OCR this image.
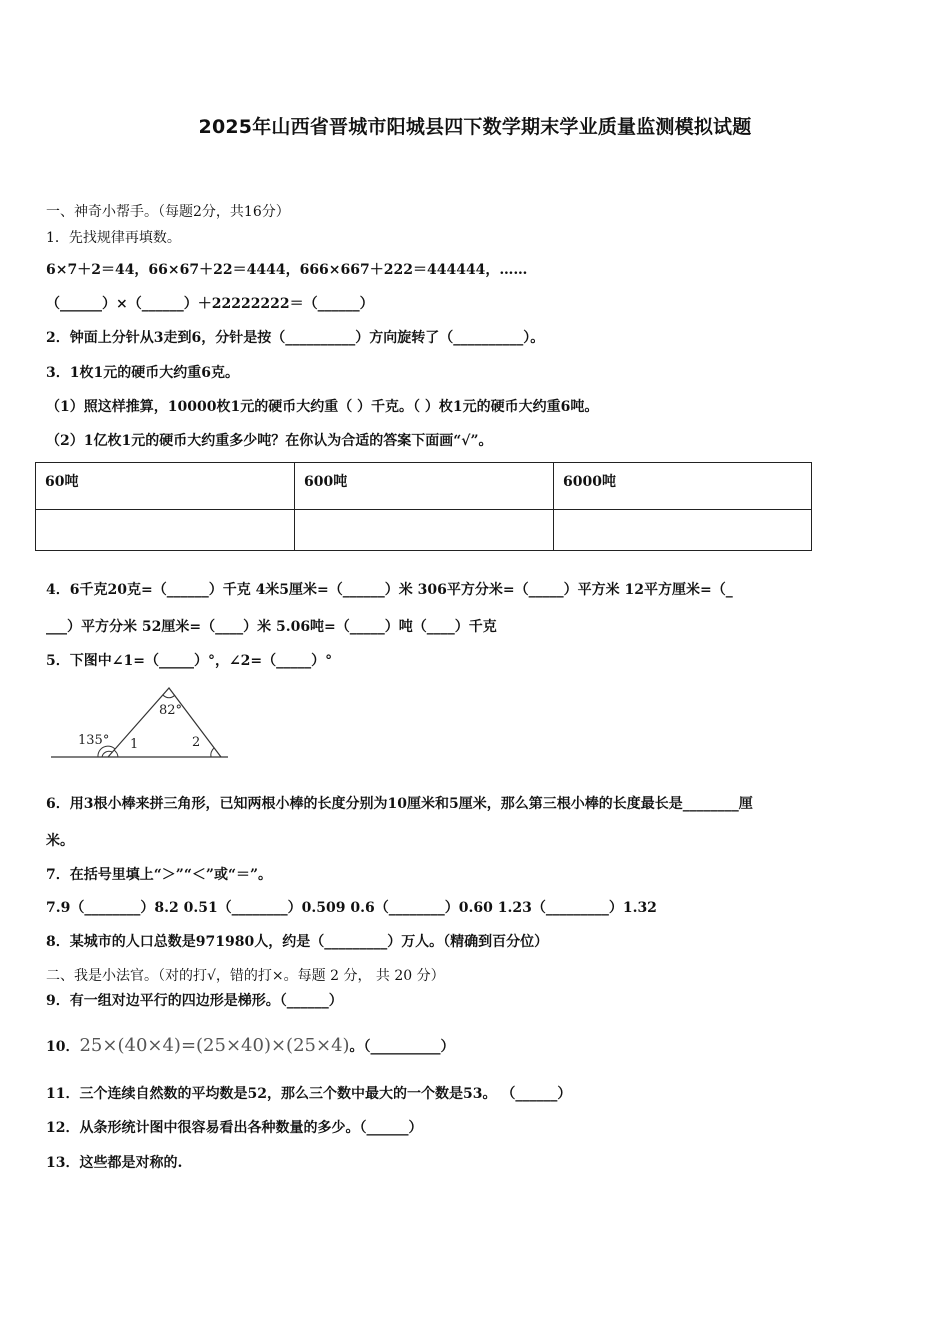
2025年山西省晋城市阳城县四下数学期末学业质量监测模拟试题
一、神奇小帮手。（每题2分，共16分）
1．先找规律再填数。
6×7＋2＝44，66×67＋22＝4444，666×667＋222＝444444，……
（______）×（______）＋22222222＝（______）
2．钟面上分针从3走到6，分针是按（__________）方向旋转了（__________）。
3．1枚1元的硬币大约重6克。
（1）照这样推算，10000枚1元的硬币大约重（ ）千克。（ ）枚1元的硬币大约重6吨。
（2）1亿枚1元的硬币大约重多少吨？在你认为合适的答案下面画“√”。
60吨	600吨	6000吨

4．6千克20克=（______）千克 4米5厘米=（______）米 306平方分米=（_____）平方米 12平方厘米=（_
___）平方分米 52厘米=（____）米 5.06吨=（_____）吨（____）千克
5．下图中∠1=（_____）°，∠2=（_____）°
82°
135° 1	2
6．用3根小棒来拼三角形，已知两根小棒的长度分别为10厘米和5厘米，那么第三根小棒的长度最长是________厘
米。
7．在括号里填上“＞”“＜”或“＝”。
7.9（________）8.2 0.51（________）0.509 0.6（________）0.60 1.23（_________）1.32
8．某城市的人口总数是971980人，约是（_________）万人。（精确到百分位）
二、我是小法官。（对的打√，错的打×。每题 2 分， 共 20 分）
9．有一组对边平行的四边形是梯形。（______）
10．25×(40×4)=(25×40)×(25×4)。（__________）
11．三个连续自然数的平均数是52，那么三个数中最大的一个数是53。 （______）
12．从条形统计图中很容易看出各种数量的多少。（______）
13．这些都是对称的.
